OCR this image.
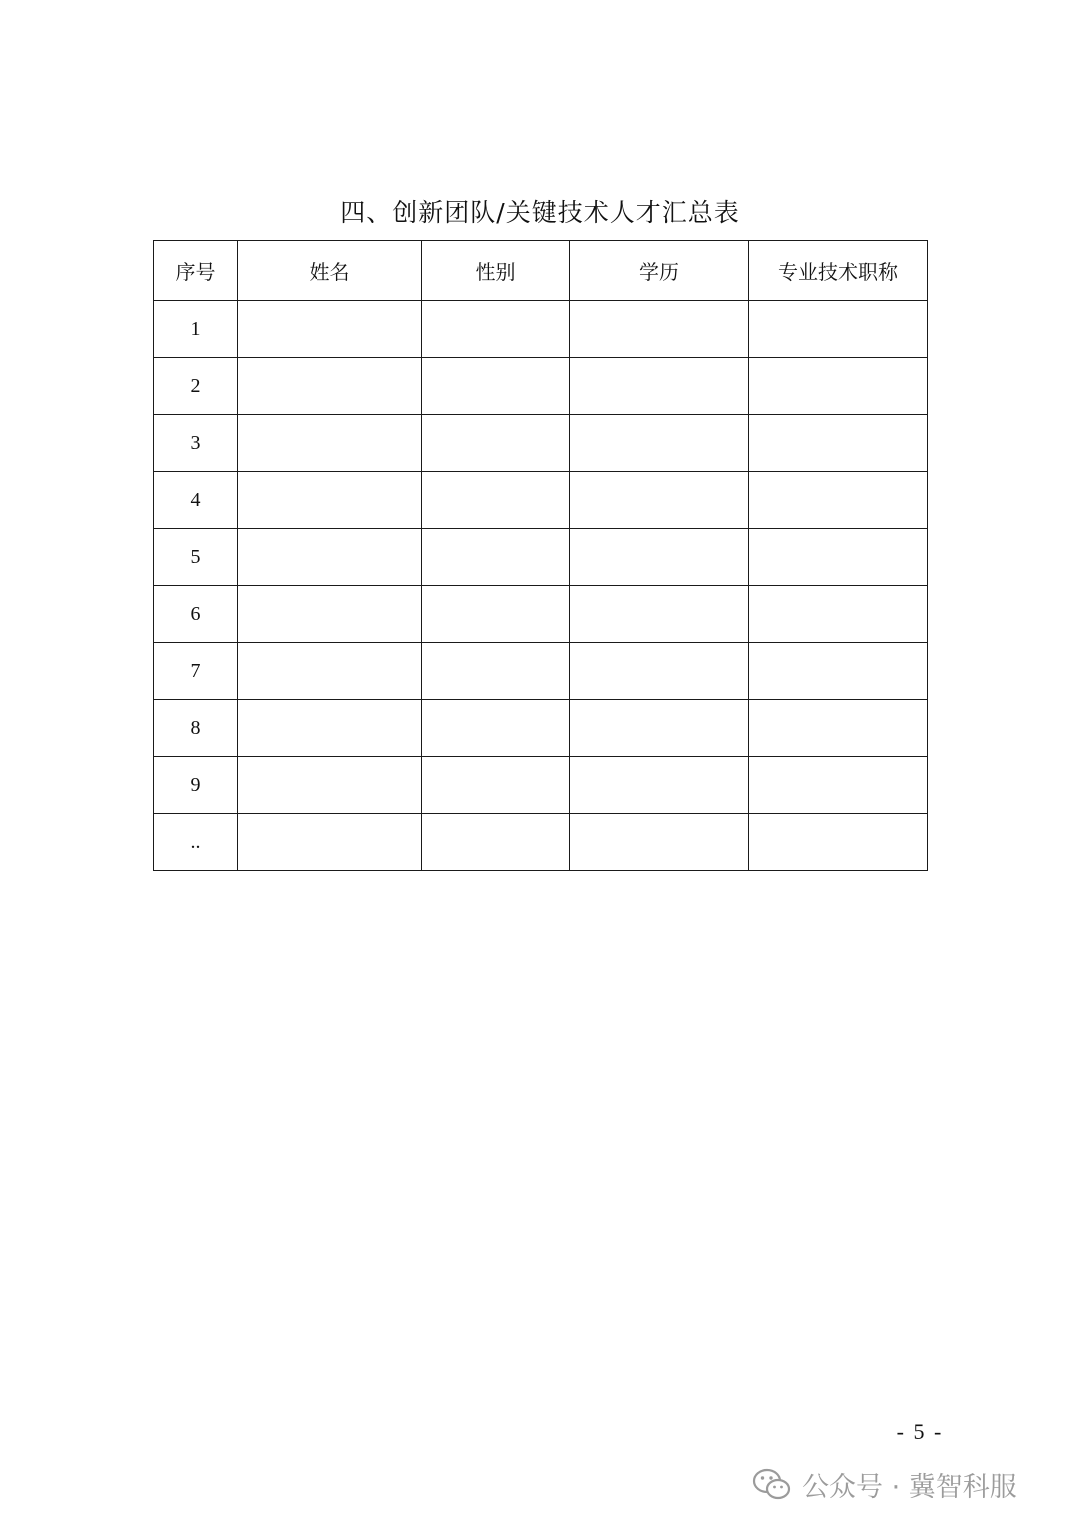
四、创新团队/关键技术人才汇总表
序号	姓名	性别	学历	专业技术职称
1				
2				
3				
4				
5				
6				
7				
8				
9				
..				
- 5 -
公众号 · 冀智科服
